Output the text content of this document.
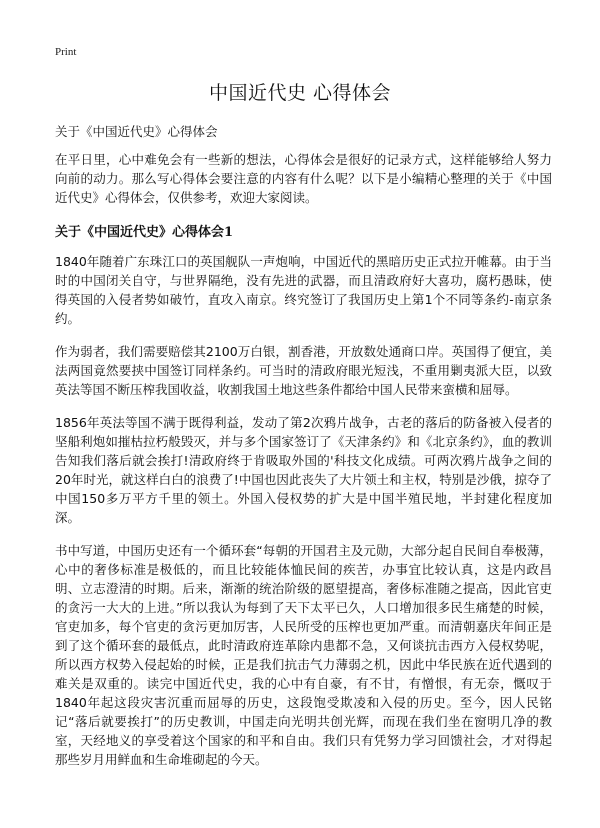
Print
中国近代史 心得体会

关于《中国近代史》心得体会

在平日里，心中难免会有一些新的想法，心得体会是很好的记录方式，这样能够给人努力向前的动力。那么写心得体会要注意的内容有什么呢？以下是小编精心整理的关于《中国近代史》心得体会，仅供参考，欢迎大家阅读。

关于《中国近代史》心得体会1

1840年随着广东珠江口的英国舰队一声炮响，中国近代的黑暗历史正式拉开帷幕。由于当时的中国闭关自守，与世界隔绝，没有先进的武器，而且清政府好大喜功，腐朽愚昧，使得英国的入侵者势如破竹，直攻入南京。终究签订了我国历史上第1个不同等条约-南京条约。

作为弱者，我们需要赔偿其2100万白银，割香港，开放数处通商口岸。英国得了便宜，美法两国竟然要挟中国签订同样条约。可当时的清政府眼光短浅，不重用剿夷派大臣，以致英法等国不断压榨我国收益，收割我国土地这些条件都给中国人民带来蛮横和屈辱。

1856年英法等国不满于既得利益，发动了第2次鸦片战争，古老的落后的防备被入侵者的坚船利炮如摧枯拉朽般毁灭，并与多个国家签订了《天津条约》和《北京条约》，血的教训告知我们落后就会挨打!清政府终于肯吸取外国的'科技文化成绩。可两次鸦片战争之间的20年时光，就这样白白的浪费了!中国也因此丧失了大片领土和主权，特别是沙俄，掠夺了中国150多万平方千里的领土。外国入侵权势的扩大是中国半殖民地，半封建化程度加深。

书中写道，中国历史还有一个循环套“每朝的开国君主及元勋，大部分起自民间自奉极薄，心中的奢侈标准是极低的，而且比较能体恤民间的疾苦，办事宜比较认真，这是内政昌明、立志澄清的时期。后来，渐渐的统治阶级的愿望提高，奢侈标准随之提高，因此官吏的贪污一大大的上进。”所以我认为每到了天下太平已久，人口增加很多民生痛楚的时候，官吏加多，每个官吏的贪污更加厉害，人民所受的压榨也更加严重。而清朝嘉庆年间正是到了这个循环套的最低点，此时清政府连革除内患都不急，又何谈抗击西方入侵权势呢，所以西方权势入侵起始的时候，正是我们抗击气力薄弱之机，因此中华民族在近代遇到的难关是双重的。读完中国近代史，我的心中有自豪，有不甘，有憎恨，有无奈，慨叹于1840年起这段灾害沉重而屈辱的历史，这段饱受欺凌和入侵的历史。至今，因人民铭记“落后就要挨打”的历史教训，中国走向光明共创光辉，而现在我们坐在窗明几净的教室，天经地义的享受着这个国家的和平和自由。我们只有凭努力学习回馈社会，才对得起那些岁月用鲜血和生命堆砌起的今天。
